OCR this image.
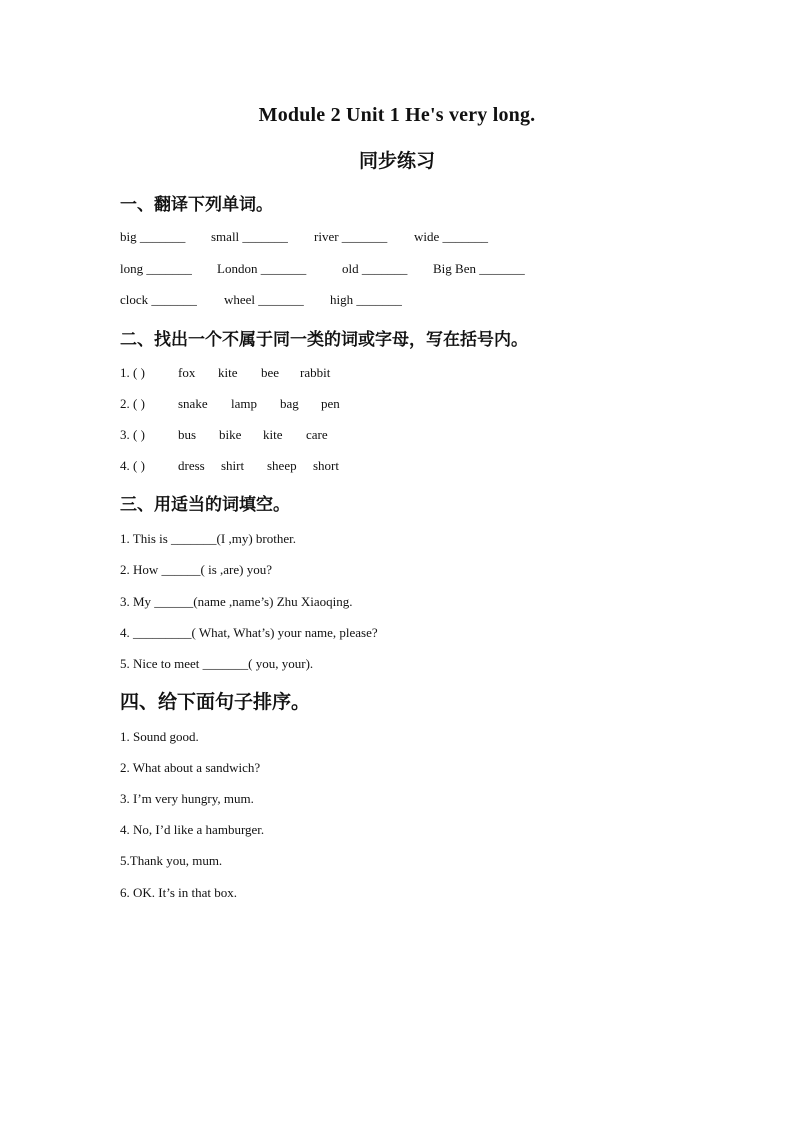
Module 2 Unit 1 He's very long.
同步练习
一、翻译下列单词。
big _______ small _______ river _______ wide _______
long _______ London _______	old _______ Big Ben _______
clock _______ wheel _______ high _______
二、找出一个不属于同一类的词或字母，写在括号内。
1. ( )	fox kite bee rabbit
2. ( )	snake lamp bag pen
3. ( )	bus bike kite care
4. ( )	dress shirt sheep short
三、用适当的词填空。
1. This is _______(I ,my) brother.
2. How ______( is ,are) you?
3. My ______(name ,name’s) Zhu Xiaoqing.
4. _________( What, What’s) your name, please?
5. Nice to meet _______( you, your).
四、给下面句子排序。
1. Sound good.
2. What about a sandwich?
3. I’m very hungry, mum.
4. No, I’d like a hamburger.
5.Thank you, mum.
6. OK. It’s in that box.
